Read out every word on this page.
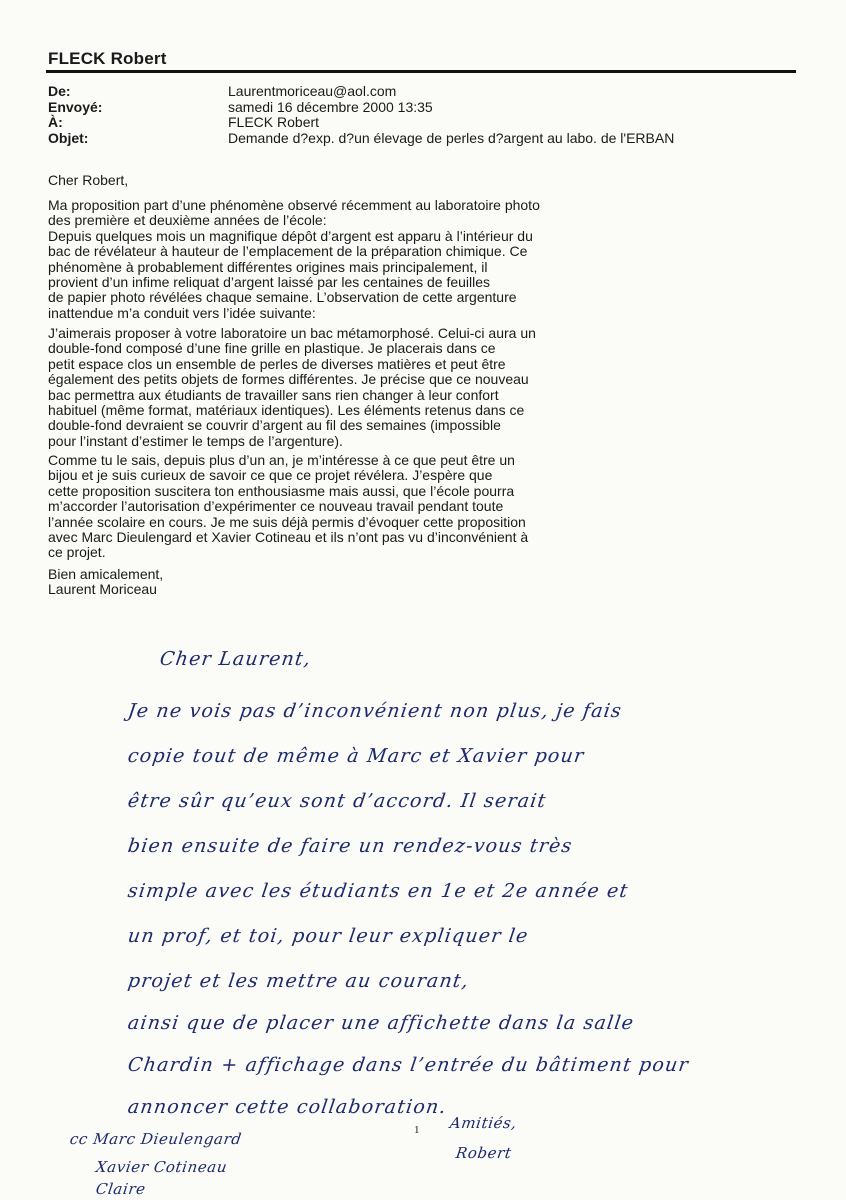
FLECK Robert
De:	Laurentmoriceau@aol.com
Envoyé:	samedi 16 décembre 2000 13:35
À:	FLECK Robert
Objet:	Demande d?exp. d?un élevage de perles d?argent au labo. de l'ERBAN
Cher Robert,
Ma proposition part d’une phénomène observé récemment au laboratoire photo
des première et deuxième années de l’école:
Depuis quelques mois un magnifique dépôt d’argent est apparu à l’intérieur du
bac de révélateur à hauteur de l’emplacement de la préparation chimique. Ce
phénomène à probablement différentes origines mais principalement, il
provient d’un infime reliquat d’argent laissé par les centaines de feuilles
de papier photo révélées chaque semaine. L’observation de cette argenture
inattendue m’a conduit vers l’idée suivante:
J’aimerais proposer à votre laboratoire un bac métamorphosé. Celui-ci aura un
double-fond composé d’une fine grille en plastique. Je placerais dans ce
petit espace clos un ensemble de perles de diverses matières et peut être
également des petits objets de formes différentes. Je précise que ce nouveau
bac permettra aux étudiants de travailler sans rien changer à leur confort
habituel (même format, matériaux identiques). Les éléments retenus dans ce
double-fond devraient se couvrir d’argent au fil des semaines (impossible
pour l’instant d’estimer le temps de l’argenture).
Comme tu le sais, depuis plus d’un an, je m’intéresse à ce que peut être un
bijou et je suis curieux de savoir ce que ce projet révélera. J’espère que
cette proposition suscitera ton enthousiasme mais aussi, que l’école pourra
m’accorder l’autorisation d’expérimenter ce nouveau travail pendant toute
l’année scolaire en cours. Je me suis déjà permis d’évoquer cette proposition
avec Marc Dieulengard et Xavier Cotineau et ils n’ont pas vu d’inconvénient à
ce projet.
Bien amicalement,
Laurent Moriceau
Cher Laurent,
Je ne vois pas d’inconvénient non plus, je fais
copie tout de même à Marc et Xavier pour
être sûr qu’eux sont d’accord. Il serait
bien ensuite de faire un rendez-vous très
simple avec les étudiants en 1e et 2e année et
un prof, et toi, pour leur expliquer le
projet et les mettre au courant,
ainsi que de placer une affichette dans la salle
Chardin + affichage dans l’entrée du bâtiment pour
annoncer cette collaboration.
1 Amitiés,
Robert
cc Marc Dieulengard
Xavier Cotineau
Claire
